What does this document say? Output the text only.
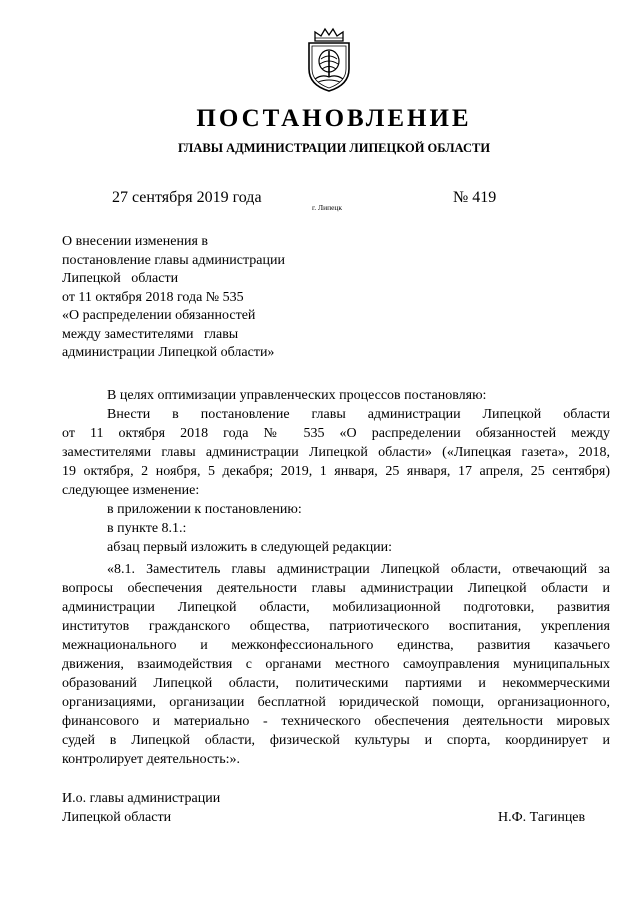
ПОСТАНОВЛЕНИЕ
ГЛАВЫ АДМИНИСТРАЦИИ ЛИПЕЦКОЙ ОБЛАСТИ
27 сентября 2019 года
г. Липецк
№ 419
О внесении изменения в
постановление главы администрации
Липецкой   области
от 11 октября 2018 года № 535
«О распределении обязанностей
между заместителями   главы
администрации Липецкой области»

В целях оптимизации управленческих процессов постановляю:

Внести в постановление главы администрации Липецкой области

от 11 октября 2018 года № 535 «О распределении обязанностей между

заместителями главы администрации Липецкой области» («Липецкая газета», 2018,

19 октября, 2 ноября, 5 декабря; 2019, 1 января, 25 января, 17 апреля, 25 сентября)

следующее изменение:

в приложении к постановлению:

в пункте 8.1.:

абзац первый изложить в следующей редакции:

«8.1. Заместитель главы администрации Липецкой области, отвечающий за

вопросы обеспечения деятельности главы администрации Липецкой области и

администрации Липецкой области, мобилизационной подготовки, развития

институтов гражданского общества, патриотического воспитания, укрепления

межнационального и межконфессионального единства, развития казачьего

движения, взаимодействия с органами местного самоуправления муниципальных

образований Липецкой области, политическими партиями и некоммерческими

организациями, организации бесплатной юридической помощи, организационного,

финансового и материально - технического обеспечения деятельности мировых

судей в Липецкой области, физической культуры и спорта, координирует и

контролирует деятельность:».

И.о. главы администрации
Липецкой области	Н.Ф. Тагинцев
